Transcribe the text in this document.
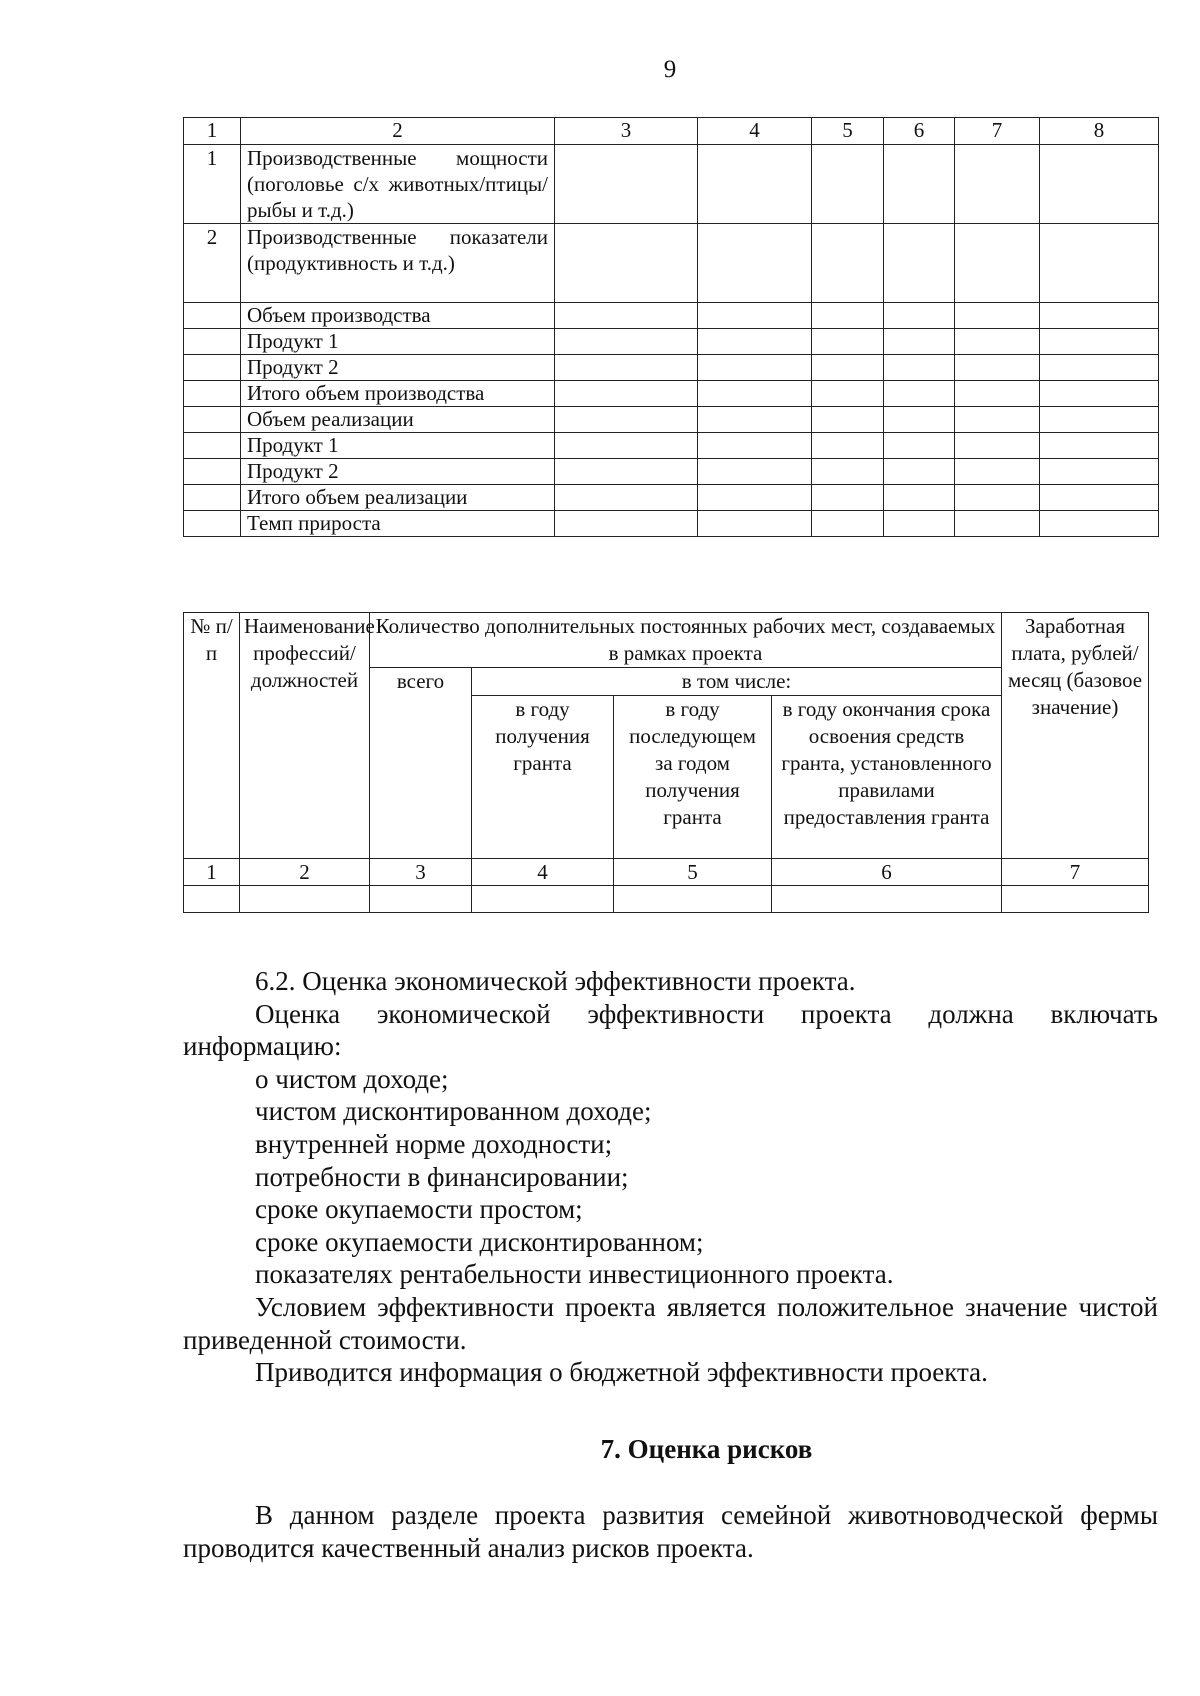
9
1	2	3	4	5	6	7	8
1	Производственные мощности (поголовье с/х животных/птицы/рыбы и т.д.)						
2	Производственные показатели (продуктивность и т.д.)						
	Объем производства						
	Продукт 1						
	Продукт 2						
	Итого объем производства						
	Объем реализации						
	Продукт 1						
	Продукт 2						
	Итого объем реализации						
	Темп прироста						
№ п/п	Наименование профессий/должностей	Количество дополнительных постоянных рабочих мест, создаваемых в рамках проекта				Заработная плата, рублей/ месяц (базовое значение)
		всего	в том числе:			
			в году получения гранта	в году последующем за годом получения гранта	в году окончания срока освоения средств гранта, установленного правилами предоставления гранта	
1	2	3	4	5	6	7

6.2. Оценка экономической эффективности проекта.

Оценка экономической эффективности проекта должна включать информацию:

о чистом доходе;

чистом дисконтированном доходе;

внутренней норме доходности;

потребности в финансировании;

сроке окупаемости простом;

сроке окупаемости дисконтированном;

показателях рентабельности инвестиционного проекта.

Условием эффективности проекта является положительное значение чистой приведенной стоимости.

Приводится информация о бюджетной эффективности проекта.

7. Оценка рисков

В данном разделе проекта развития семейной животноводческой фермы проводится качественный анализ рисков проекта.
